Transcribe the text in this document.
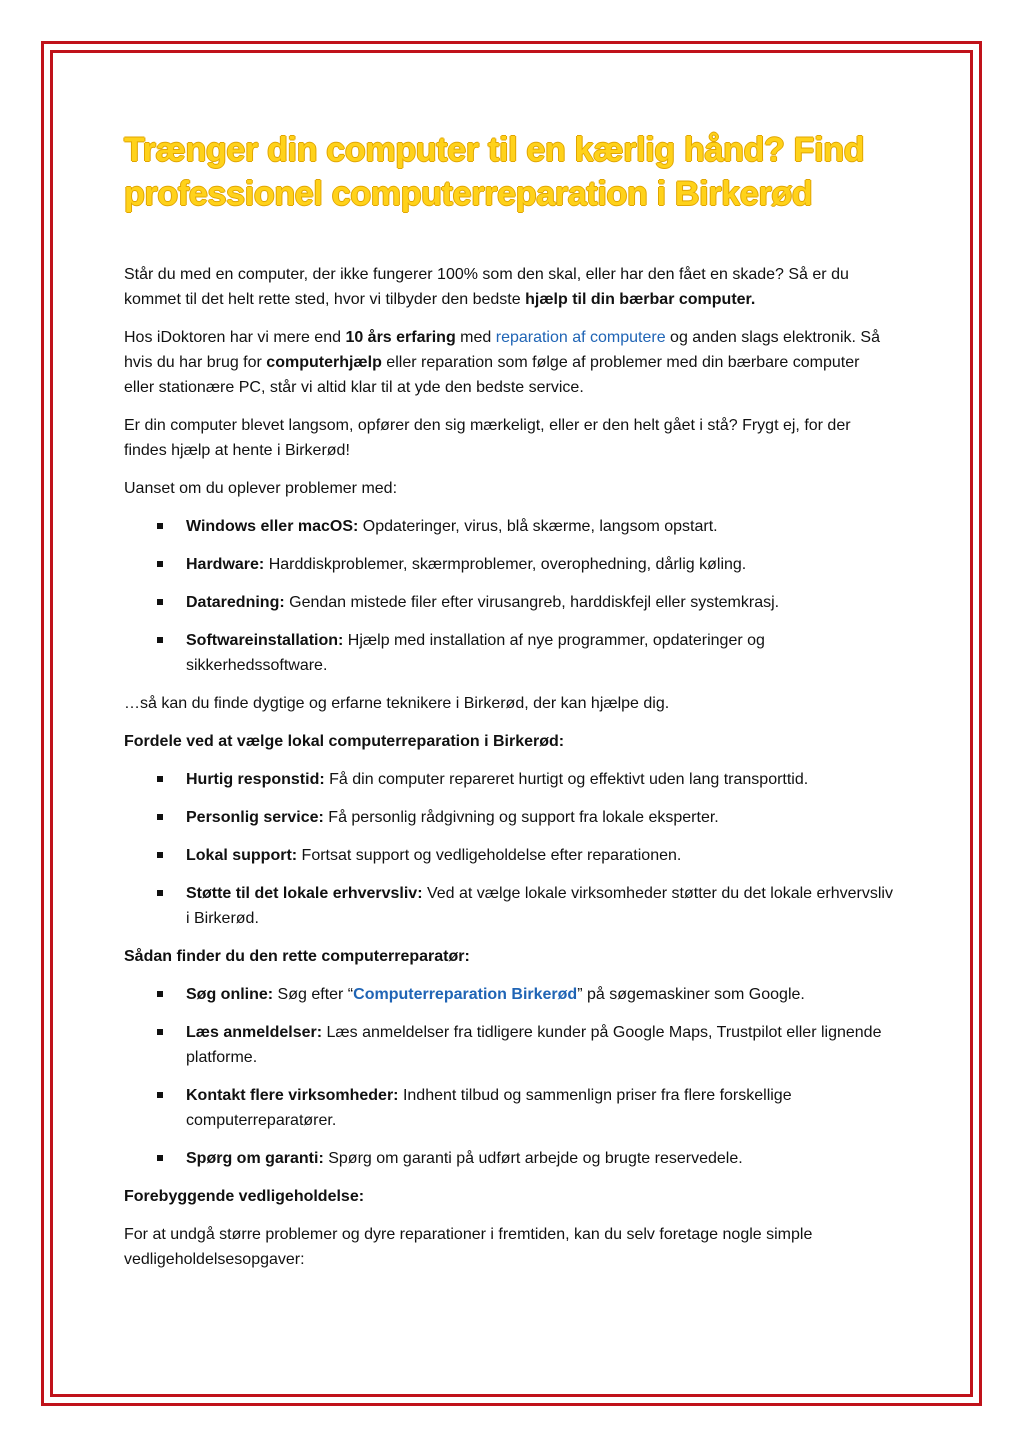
Trænger din computer til en kærlig hånd? Find professionel computerreparation i Birkerød

Står du med en computer, der ikke fungerer 100% som den skal, eller har den fået en skade? Så er du kommet til det helt rette sted, hvor vi tilbyder den bedste hjælp til din bærbar computer.

Hos iDoktoren har vi mere end 10 års erfaring med reparation af computere og anden slags elektronik. Så hvis du har brug for computerhjælp eller reparation som følge af problemer med din bærbare computer eller stationære PC, står vi altid klar til at yde den bedste service.

Er din computer blevet langsom, opfører den sig mærkeligt, eller er den helt gået i stå? Frygt ej, for der findes hjælp at hente i Birkerød!

Uanset om du oplever problemer med:

Windows eller macOS: Opdateringer, virus, blå skærme, langsom opstart.
Hardware: Harddiskproblemer, skærmproblemer, overophedning, dårlig køling.
Dataredning: Gendan mistede filer efter virusangreb, harddiskfejl eller systemkrasj.
Softwareinstallation: Hjælp med installation af nye programmer, opdateringer og sikkerhedssoftware.

…så kan du finde dygtige og erfarne teknikere i Birkerød, der kan hjælpe dig.

Fordele ved at vælge lokal computerreparation i Birkerød:

Hurtig responstid: Få din computer repareret hurtigt og effektivt uden lang transporttid.
Personlig service: Få personlig rådgivning og support fra lokale eksperter.
Lokal support: Fortsat support og vedligeholdelse efter reparationen.
Støtte til det lokale erhvervsliv: Ved at vælge lokale virksomheder støtter du det lokale erhvervsliv i Birkerød.

Sådan finder du den rette computerreparatør:

Søg online: Søg efter “Computerreparation Birkerød” på søgemaskiner som Google.
Læs anmeldelser: Læs anmeldelser fra tidligere kunder på Google Maps, Trustpilot eller lignende platforme.
Kontakt flere virksomheder: Indhent tilbud og sammenlign priser fra flere forskellige computerreparatører.
Spørg om garanti: Spørg om garanti på udført arbejde og brugte reservedele.

Forebyggende vedligeholdelse:

For at undgå større problemer og dyre reparationer i fremtiden, kan du selv foretage nogle simple vedligeholdelsesopgaver:
